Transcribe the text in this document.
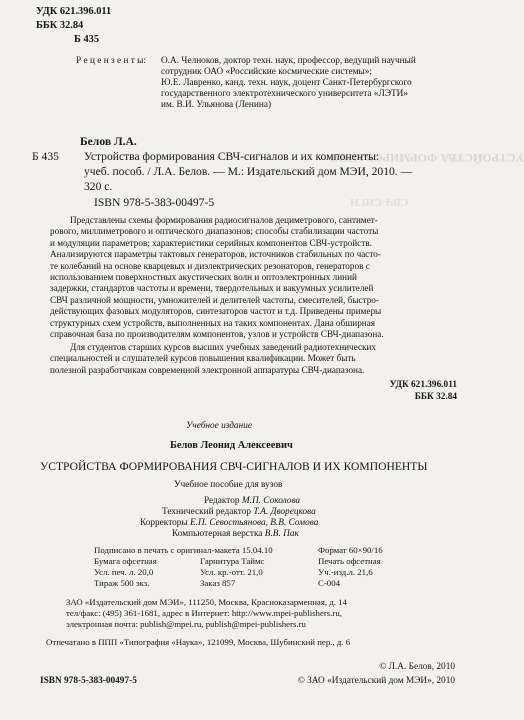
УСТРОЙСТВА ФОРМИРОВАНИЯ
СВЧ-СИГН
УДК 621.396.011
ББК 32.84
Б 435
Р е ц е н з е н т ы: О.А. Челноков, доктор техн. наук, профессор, ведущий научный
сотрудник ОАО «Российские космические системы»;
Ю.Е. Лавренко, канд. техн. наук, доцент Санкт-Петербургского
государственного электротехнического университета «ЛЭТИ»
им. В.И. Ульянова (Ленина)
Белов Л.А.
Б 435 Устройства формирования СВЧ-сигналов и их компоненты:
учеб. пособ. / Л.А. Белов. — М.: Издательский дом МЭИ, 2010. —
320 с.
ISBN 978-5-383-00497-5
Представлены схемы формирования радиосигналов дециметрового, сантимет-
рового, миллиметрового и оптического диапазонов; способы стабилизации частоты
и модуляции параметров; характеристики серийных компонентов СВЧ-устройств.
Анализируются параметры тактовых генераторов, источников стабильных по часто-
те колебаний на основе кварцевых и диэлектрических резонаторов, генераторов с
использованием поверхностных акустических волн и оптоэлектронных линий
задержки, стандартов частоты и времени, твердотельных и вакуумных усилителей
СВЧ различной мощности, умножителей и делителей частоты, смесителей, быстро-
действующих фазовых модуляторов, синтезаторов частот и т.д. Приведены примеры
структурных схем устройств, выполненных на таких компонентах. Дана обширная
справочная база по производителям компонентов, узлов и устройств СВЧ-диапазона.
Для студентов старших курсов высших учебных заведений радиотехнических
специальностей и слушателей курсов повышения квалификации. Может быть
полезной разработчикам современной электронной аппаратуры СВЧ-диапазона.
УДК 621.396.011
ББК 32.84
Учебное издание
Белов Леонид Алексеевич
УСТРОЙСТВА ФОРМИРОВАНИЯ СВЧ-СИГНАЛОВ И ИХ КОМПОНЕНТЫ
Учебное пособие для вузов
Редактор М.П. Соколова
Технический редактор Т.А. Дворецкова
Корректоры Е.П. Севостьянова, В.В. Сомова
Компьютерная верстка В.В. Пак
Подписано в печать с оригинал-макета 15.04.10	Формат 60×90/16
Бумага офсетная	Гарнитура Таймс	Печать офсетная
Усл. печ. л. 20,0	Усл. кр.-отт. 21,0	Уч.-изд.л. 21,6
Тираж 500 экз.	Заказ 857	С-004
ЗАО «Издательский дом МЭИ», 111250, Москва, Красноказарменная, д. 14
тел/факс: (495) 361-1681, адрес в Интернет: http://www.mpei-publishers.ru,
электронная почта: publish@mpei.ru, publish@mpei-publishers.ru
Отпечатано в ППП «Типография «Наука», 121099, Москва, Шубинский пер., д. 6
ISBN 978-5-383-00497-5
© Л.А. Белов, 2010
© ЗАО «Издательский дом МЭИ», 2010
